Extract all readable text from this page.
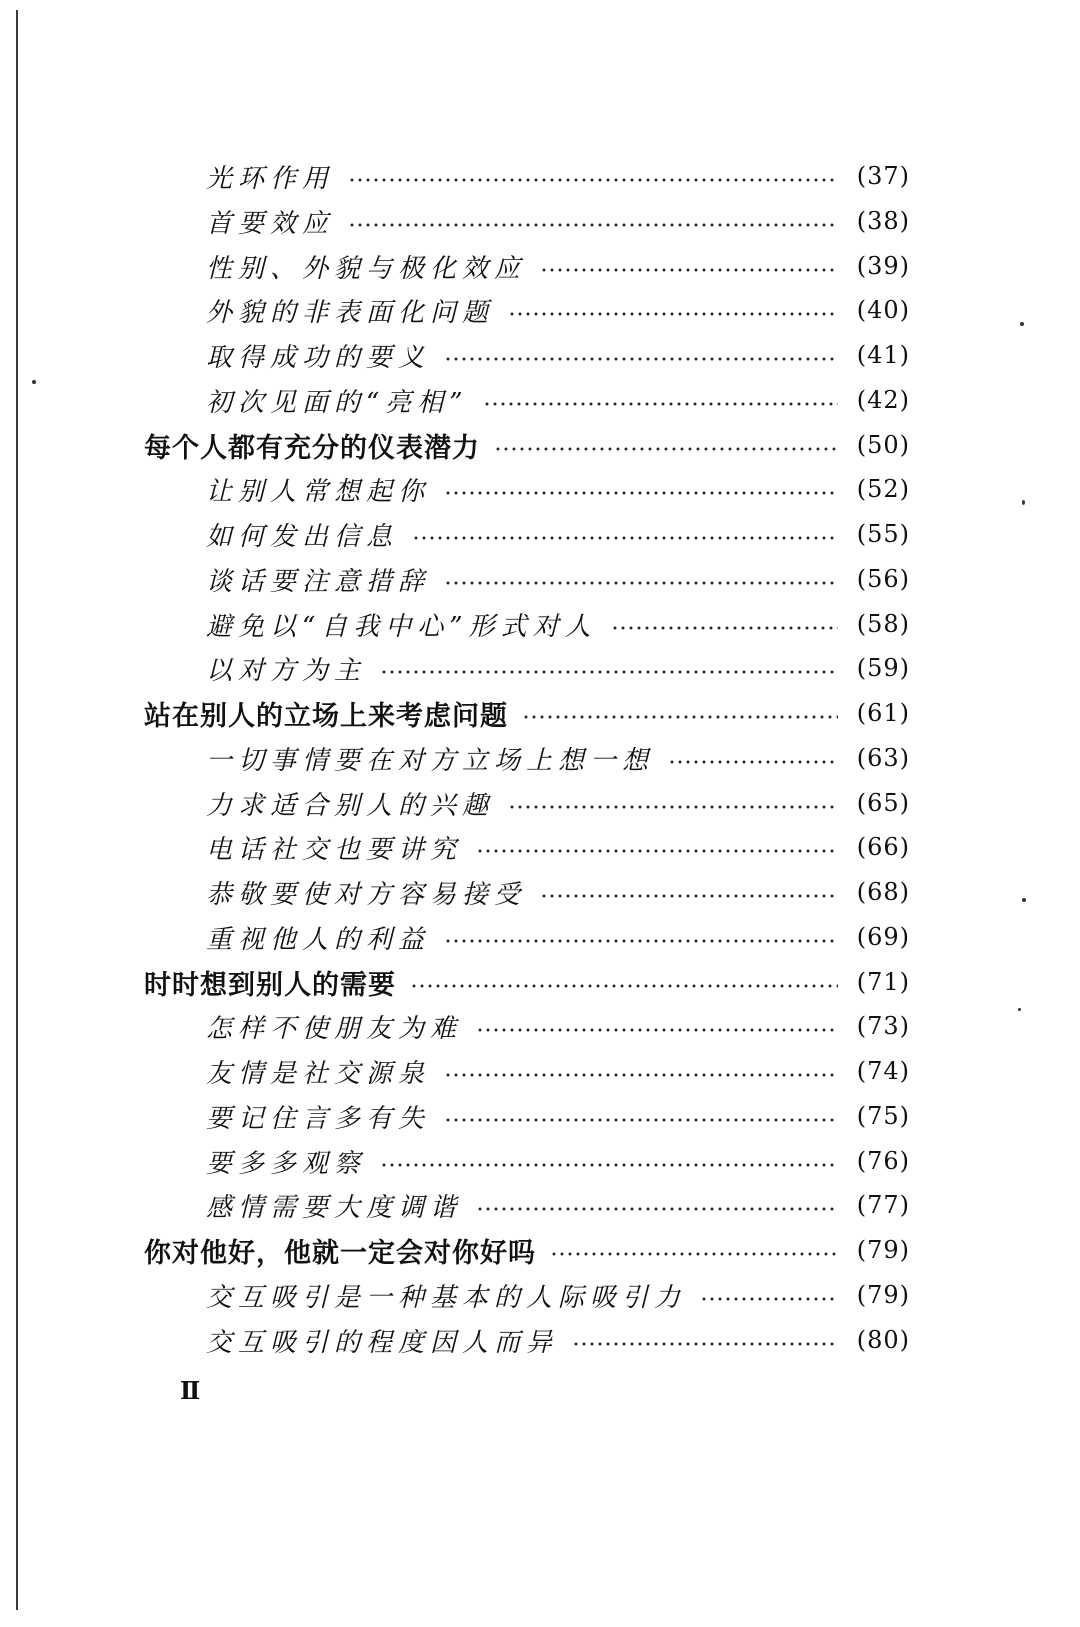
光环作用	(37)
首要效应	(38)
性别、外貌与极化效应	(39)
外貌的非表面化问题	(40)
取得成功的要义	(41)
初次见面的“亮相”	(42)
每个人都有充分的仪表潜力	(50)
让别人常想起你	(52)
如何发出信息	(55)
谈话要注意措辞	(56)
避免以“自我中心”形式对人	(58)
以对方为主	(59)
站在别人的立场上来考虑问题	(61)
一切事情要在对方立场上想一想	(63)
力求适合别人的兴趣	(65)
电话社交也要讲究	(66)
恭敬要使对方容易接受	(68)
重视他人的利益	(69)
时时想到别人的需要	(71)
怎样不使朋友为难	(73)
友情是社交源泉	(74)
要记住言多有失	(75)
要多多观察	(76)
感情需要大度调谐	(77)
你对他好，他就一定会对你好吗	(79)
交互吸引是一种基本的人际吸引力	(79)
交互吸引的程度因人而异	(80)
Ⅱ
